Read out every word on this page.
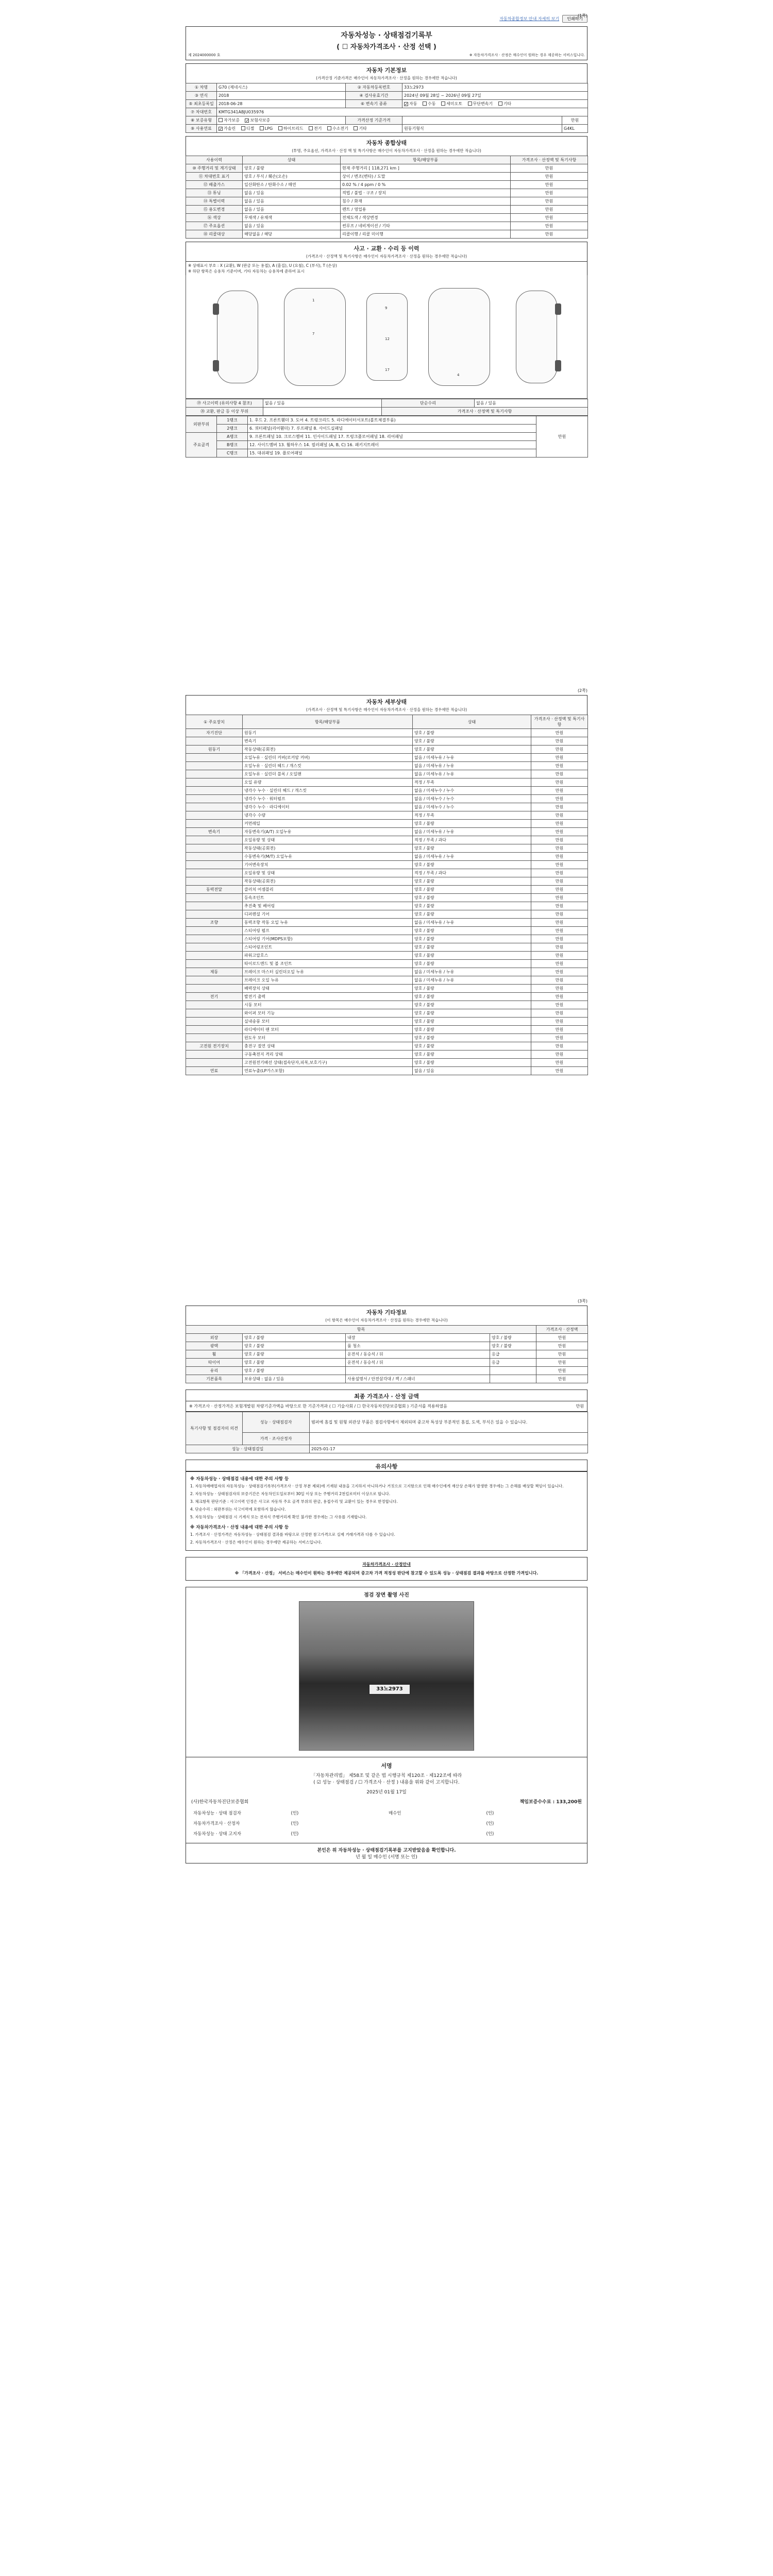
(1쪽)
자동차종합정보 안내 자세히 보기	인쇄하기
자동차성능 · 상태점검기록부
( ☐ 자동차가격조사 · 산정 선택 )
제 2024000000 호	※ 자동차가격조사 · 산정은 매수인이 원하는 경우 제공하는 서비스입니다.
자동차 기본정보
(가격산정 기준가격은 매수인이 자동차가격조사 · 산정을 원하는 경우에만 적습니다)
① 차명	G70 (제네시스)	② 자동차등록번호	33노2973	
③ 연식	2018	④ 검사유효기간	2024년 09월 28일 ~ 2026년 09월 27일	
⑤ 최초등록일	2018-06-28	⑥ 변속기 종류	✓자동 수동 세미오토 무단변속기 기타
⑦ 차대번호	KMTG341ABJU035976			
⑧ 보증유형	자가보증 ✓ 보험사보증	가격산정 기준가격		만원
⑨ 사용연료	✓가솔린 디젤 LPG 하이브리드 전기 수소전기 기타		원동기형식	G4KL
자동차 종합상태
(투명, 주요옵션, 가격조사 · 산정 액 및 특기사항은 매수인이 자동차가격조사 · 산정을 원하는 경우에만 적습니다)
사용이력	상태	항목/해당부품	가격조사 · 산정액 및 특기사항
⑩ 주행거리 및 계기상태	양호 / 불량	현재 주행거리 [ 118,271 km ]	만원
⑪ 차대번호 표기	양호 / 부식 / 훼손(오손)	상이 / 변조(변타) / 도말	만원
⑫ 배출가스	일산화탄소 / 탄화수소 / 매연	0.02 % / 4 ppm / 0 %	만원
⑬ 튜닝	없음 / 있음	적법 / 불법 · 구조 / 장치	만원
⑭ 특별이력	없음 / 있음	침수 / 화재	만원
⑮ 용도변경	없음 / 있음	렌트 / 영업용	만원
⑯ 색상	무채색 / 유채색	전체도색 / 색상변경	만원
⑰ 주요옵션	없음 / 있음	썬루프 / 네비게이션 / 기타	만원
⑱ 리콜대상	해당없음 / 해당	리콜이행 / 리콜 미이행	만원
사고 · 교환 · 수리 등 이력
(가격조사 · 산정액 및 특기사항은 매수인이 자동차가격조사 · 산정을 원하는 경우에만 적습니다)
※ 상태표시 부호 : X (교환), W (판금 또는 용접), A (흠집), U (요철), C (부식), T (손상)
※ 하단 항목은 승용차 기준이며, 기타 자동차는 승용차에 준하여 표시
1
7
9
12
4
17
⑲ 사고이력 (유의사항 4 참조)	없음 / 있음	단순수리	없음 / 있음
⑳ 교환, 판금 등 이상 부위		가격조사 · 산정액 및 특기사항	
외판부위	1랭크	1. 후드 2. 프론트휀더 3. 도어 4. 트렁크리드 5. 라디에이터서포트(볼트체결부품)	만원
	2랭크	6. 쿼터패널(리어휀더) 7. 루프패널 8. 사이드실패널	
주요골격	A랭크	9. 프론트패널 10. 크로스멤버 11. 인사이드패널 17. 트렁크플로어패널 18. 리어패널	
	B랭크	12. 사이드멤버 13. 휠하우스 14. 필러패널 (A, B, C) 16. 패키지트레이	
	C랭크	15. 대쉬패널 19. 플로어패널	
(2쪽)
자동차 세부상태
(가격조사 · 산정액 및 특기사항은 매수인이 자동차가격조사 · 산정을 원하는 경우에만 적습니다)
① 주요장치	항목/해당부품	상태	가격조사 · 산정액 및 특기사항
자기진단	원동기	양호 / 불량	만원
	변속기	양호 / 불량	만원
원동기	작동상태(공회전)	양호 / 불량	만원
	오일누유 · 실린더 커버(로커암 커버)	없음 / 미세누유 / 누유	만원
	오일누유 · 실린더 헤드 / 개스킷	없음 / 미세누유 / 누유	만원
	오일누유 · 실린더 블록 / 오일팬	없음 / 미세누유 / 누유	만원
	오일 유량	적정 / 부족	만원
	냉각수 누수 · 실린더 헤드 / 개스킷	없음 / 미세누수 / 누수	만원
	냉각수 누수 · 워터펌프	없음 / 미세누수 / 누수	만원
	냉각수 누수 · 라디에이터	없음 / 미세누수 / 누수	만원
	냉각수 수량	적정 / 부족	만원
	커먼레일	양호 / 불량	만원
변속기	자동변속기(A/T) 오일누유	없음 / 미세누유 / 누유	만원
	오일유량 및 상태	적정 / 부족 / 과다	만원
	작동상태(공회전)	양호 / 불량	만원
	수동변속기(M/T) 오일누유	없음 / 미세누유 / 누유	만원
	기어변속장치	양호 / 불량	만원
	오일유량 및 상태	적정 / 부족 / 과다	만원
	작동상태(공회전)	양호 / 불량	만원
동력전달	클러치 어셈블리	양호 / 불량	만원
	등속조인트	양호 / 불량	만원
	추진축 및 베어링	양호 / 불량	만원
	디퍼렌셜 기어	양호 / 불량	만원
조향	동력조향 작동 오일 누유	없음 / 미세누유 / 누유	만원
	스티어링 펌프	양호 / 불량	만원
	스티어링 기어(MDPS포함)	양호 / 불량	만원
	스티어링조인트	양호 / 불량	만원
	파워고압호스	양호 / 불량	만원
	타이로드엔드 및 볼 조인트	양호 / 불량	만원
제동	브레이크 마스터 실린더오일 누유	없음 / 미세누유 / 누유	만원
	브레이크 오일 누유	없음 / 미세누유 / 누유	만원
	배력장치 상태	양호 / 불량	만원
전기	발전기 출력	양호 / 불량	만원
	시동 모터	양호 / 불량	만원
	와이퍼 모터 기능	양호 / 불량	만원
	실내송풍 모터	양호 / 불량	만원
	라디에이터 팬 모터	양호 / 불량	만원
	윈도우 모터	양호 / 불량	만원
고전원 전기장치	충전구 절연 상태	양호 / 불량	만원
	구동축전지 격리 상태	양호 / 불량	만원
	고전원전기배선 상태(접속단자,피복,보호기구)	양호 / 불량	만원
연료	연료누출(LP가스포함)	없음 / 있음	만원
(3쪽)
자동차 기타정보
(이 항목은 매수인이 자동차가격조사 · 산정을 원하는 경우에만 적습니다)
항목				가격조사 · 산정액
외장	양호 / 불량	내장	양호 / 불량	만원
광택	양호 / 불량	룸 청소	양호 / 불량	만원
휠	양호 / 불량	운전석 / 동승석 / 뒤	응급	만원
타이어	양호 / 불량	운전석 / 동승석 / 뒤	응급	만원
유리	양호 / 불량			만원
기본품목	보유상태 : 없음 / 있음	사용설명서 / 안전삼각대 / 잭 / 스패너		만원
최종 가격조사 · 산정 금액
※ 가격조사 · 산정가격은 보험개발원 차량기준가액을 바탕으로 한 기준가격과 ( ☐ 기술사회 / ☐ 한국자동차진단보증협회 ) 기준서를 적용하였음	만원
특기사항 및 점검자의 의견	성능 · 상태점검자	범퍼에 흠집 및 원형 외관상 부품은 점검사항에서 제외되며 중고차 특성상 부분적인 흠집, 도색, 부식은 있을 수 있습니다.
	가격 · 조사산정자	
성능 · 상태점검일		2025-01-17
유의사항
※ 자동차성능 · 상태점검 내용에 대한 주의 사항 등
1. 자동차매매업자의 자동차성능 · 상태점검기록부(가격조사 · 산정 부분 제외)에 기재된 내용을 고지하지 아니하거나 거짓으로 고지함으로 인해 매수인에게 재산상 손해가 발생한 경우에는 그 손해를 배상할 책임이 있습니다.
2. 자동차성능 · 상태점검자의 보증기간은 자동차인도일로부터 30일 이상 또는 주행거리 2천킬로미터 이상으로 합니다.
3. 체크항목 판단기준 : 사고이력 인정은 사고로 자동차 주요 골격 부위의 판금, 용접수리 및 교환이 있는 경우로 한정합니다.
4. 단순수리 : 외판부위는 사고이력에 포함하지 않습니다.
5. 자동차성능 · 상태점검 시 기계식 또는 전자식 주행거리계 확인 불가한 경우에는 그 사유를 기재합니다.
※ 자동차가격조사 · 산정 내용에 대한 주의 사항 등
1. 가격조사 · 산정가격은 자동차성능 · 상태점검 결과를 바탕으로 산정한 참고가격으로 실제 거래가격과 다를 수 있습니다.
2. 자동차가격조사 · 산정은 매수인이 원하는 경우에만 제공하는 서비스입니다.
자동차가격조사 · 산정안내
※ 「가격조사 · 산정」 서비스는 매수인이 원하는 경우에만 제공되며 중고차 가격 적정성 판단에 참고할 수 있도록 성능 · 상태점검 결과를 바탕으로 산정한 가격입니다.
점검 장면 촬영 사진
33노2973
서명
「자동차관리법」 제58조 및 같은 법 시행규칙 제120조 · 제122조에 따라
( ☑ 성능 · 상태점검 / ☐ 가격조사 · 산정 ) 내용을 위와 같이 고지합니다.
2025년 01월 17일
(사)한국자동차진단보증협회	책임보증수수료 : 133,200원
자동차성능 · 상태 점검자	(인)	매수인	(인)
자동차가격조사 · 산정자	(인)		(인)
자동차성능 · 상태 고지자	(인)		(인)
본인은 위 자동차성능 · 상태점검기록부를 고지받았음을 확인합니다.
년 월 일 매수인 (서명 또는 인)
